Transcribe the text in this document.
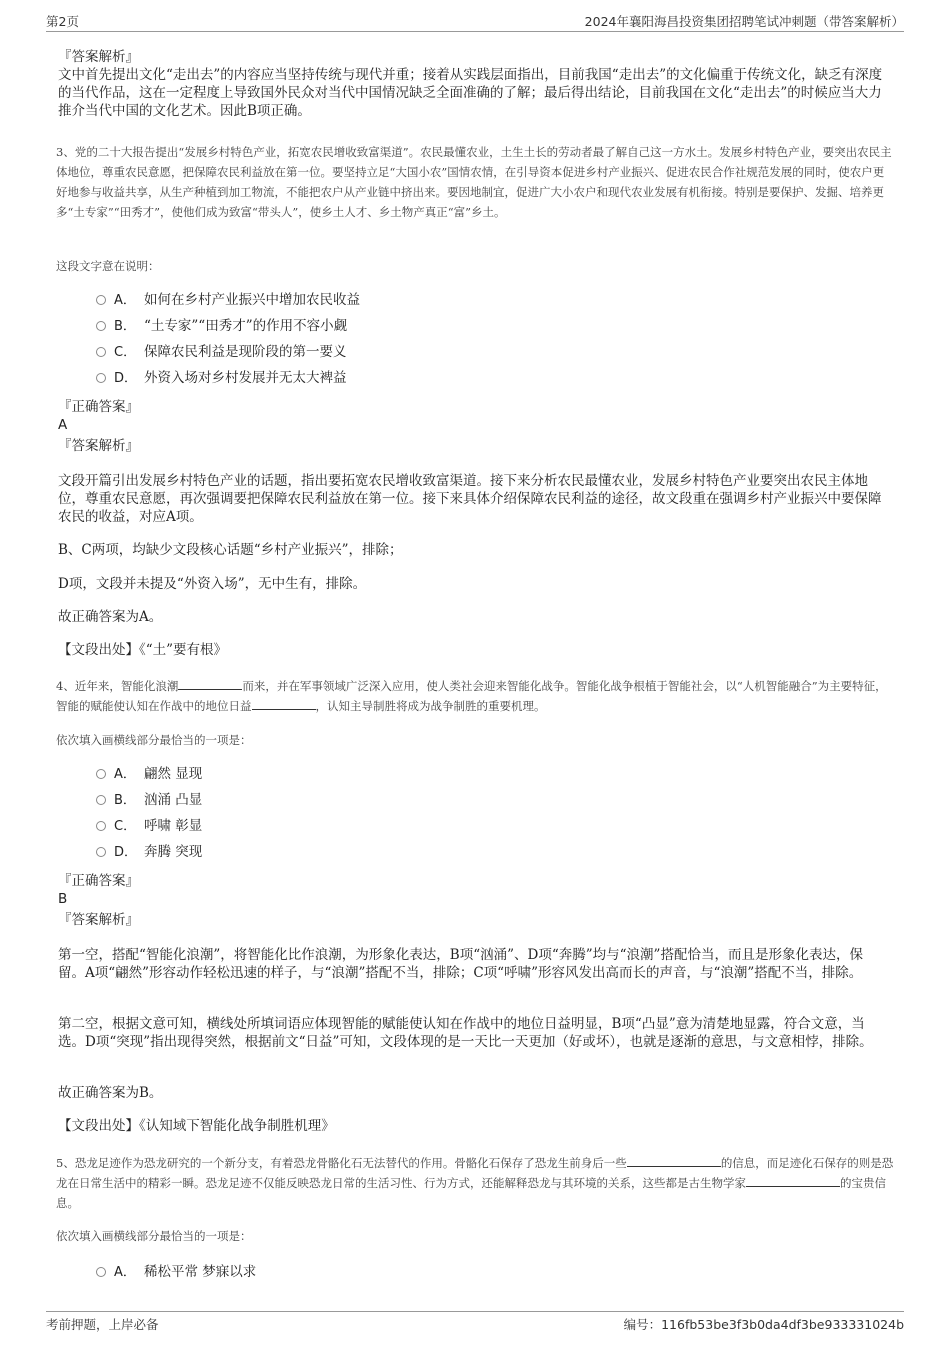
第2页	2024年襄阳海昌投资集团招聘笔试冲刺题（带答案解析）
『答案解析』
文中首先提出文化“走出去”的内容应当坚持传统与现代并重；接着从实践层面指出，目前我国“走出去”的文化偏重于传统文化，缺乏有深度的当代作品，这在一定程度上导致国外民众对当代中国情况缺乏全面准确的了解；最后得出结论，目前我国在文化“走出去”的时候应当大力推介当代中国的文化艺术。因此B项正确。
3、党的二十大报告提出“发展乡村特色产业，拓宽农民增收致富渠道”。农民最懂农业，土生土长的劳动者最了解自己这一方水土。发展乡村特色产业，要突出农民主体地位，尊重农民意愿，把保障农民利益放在第一位。要坚持立足“大国小农”国情农情，在引导资本促进乡村产业振兴、促进农民合作社规范发展的同时，使农户更好地参与收益共享，从生产种植到加工物流，不能把农户从产业链中挤出来。要因地制宜，促进广大小农户和现代农业发展有机衔接。特别是要保护、发掘、培养更多“土专家”“田秀才”，使他们成为致富“带头人”，使乡土人才、乡土物产真正“富”乡土。
这段文字意在说明：
A． 如何在乡村产业振兴中增加农民收益
B． “土专家”“田秀才”的作用不容小觑
C． 保障农民利益是现阶段的第一要义
D． 外资入场对乡村发展并无太大裨益
『正确答案』
A
『答案解析』
文段开篇引出发展乡村特色产业的话题，指出要拓宽农民增收致富渠道。接下来分析农民最懂农业，发展乡村特色产业要突出农民主体地位，尊重农民意愿，再次强调要把保障农民利益放在第一位。接下来具体介绍保障农民利益的途径，故文段重在强调乡村产业振兴中要保障农民的收益，对应A项。
B、C两项，均缺少文段核心话题“乡村产业振兴”，排除；
D项，文段并未提及“外资入场”，无中生有，排除。
故正确答案为A。
【文段出处】《“土”要有根》
4、近年来，智能化浪潮	而来，并在军事领域广泛深入应用，使人类社会迎来智能化战争。智能化战争根植于智能社会，以“人机智能融合”为主要特征，智能的赋能使认知在作战中的地位日益	，认知主导制胜将成为战争制胜的重要机理。
依次填入画横线部分最恰当的一项是：
A． 翩然 显现
B． 汹涌 凸显
C． 呼啸 彰显
D． 奔腾 突现
『正确答案』
B
『答案解析』
第一空，搭配“智能化浪潮”，将智能化比作浪潮，为形象化表达，B项“汹涌”、D项“奔腾”均与“浪潮”搭配恰当，而且是形象化表达，保留。A项“翩然”形容动作轻松迅速的样子，与“浪潮”搭配不当，排除；C项“呼啸”形容风发出高而长的声音，与“浪潮”搭配不当，排除。
第二空，根据文意可知，横线处所填词语应体现智能的赋能使认知在作战中的地位日益明显，B项“凸显”意为清楚地显露，符合文意，当选。D项“突现”指出现得突然，根据前文“日益”可知，文段体现的是一天比一天更加（好或坏），也就是逐渐的意思，与文意相悖，排除。
故正确答案为B。
【文段出处】《认知域下智能化战争制胜机理》
5、恐龙足迹作为恐龙研究的一个新分支，有着恐龙骨骼化石无法替代的作用。骨骼化石保存了恐龙生前身后一些	的信息，而足迹化石保存的则是恐龙在日常生活中的精彩一瞬。恐龙足迹不仅能反映恐龙日常的生活习性、行为方式，还能解释恐龙与其环境的关系，这些都是古生物学家	的宝贵信息。
依次填入画横线部分最恰当的一项是：
A． 稀松平常 梦寐以求
考前押题，上岸必备	编号：116fb53be3f3b0da4df3be933331024b
